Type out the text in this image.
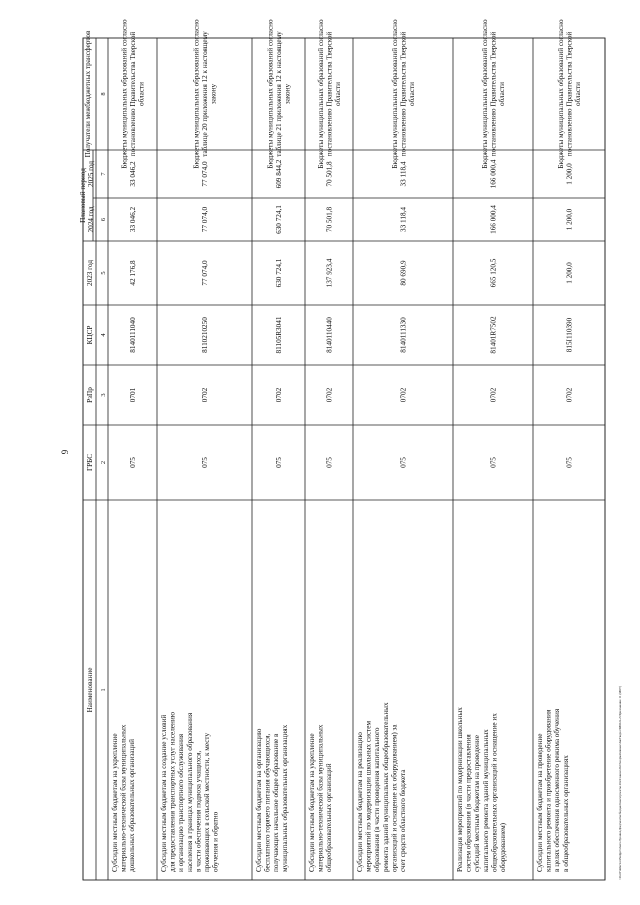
Получатели межбюджетных трансфертов
2025 год
2024 год
Плановый период
2023 год
КЦСР
РзПр
ГРБС
Наименование 1
2
3
4
5
6
7
8
Субсидии местным бюджетам на укрепление материально-технической базы муниципальных дошкольных образовательных организаций
075
0701
8140111040
42 176,8
33 046,2
33 046,2
Бюджеты муниципальных образований согласно постановлению Правительства Тверской области
Субсидии местным бюджетам на создание условий для предоставления транспортных услуг населению и организацию транспортного обслуживания населения в границах муниципального образования в части обеспечения подвоза учащихся, проживающих в сельской местности, к месту обучения и обратно
075
0702
8110210250
77 074,0
77 074,0
77 074,0
Бюджеты муниципальных образований согласно таблице 20 приложения 12 к настоящему закону
Субсидии местным бюджетам на организацию бесплатного горячего питания обучающихся, получающих начальное общее образование в муниципальных образовательных организациях
075
0702
81105R3041
630 724,1
630 724,1
609 844,2
Бюджеты муниципальных образований согласно таблице 21 приложения 12 к настоящему закону
Субсидии местным бюджетам на укрепление материально-технической базы муниципальных общеобразовательных организаций
075
0702
8140110440
137 923,4
70 501,8
70 501,8
Бюджеты муниципальных образований согласно постановлению Правительства Тверской области
Субсидии местным бюджетам на реализацию мероприятий по модернизации школьных систем образования (в части проведения капитального ремонта зданий муниципальных общеобразовательных организаций и оснащение их оборудованием) за счет средств областного бюджета
075
0702
8140111330
80 690,9
33 118,4
33 118,4
Бюджеты муниципальных образований согласно постановлению Правительства Тверской области
Реализация мероприятий по модернизации школьных систем образования (в части предоставления субсидий местным бюджетам на проведение капитального ремонта зданий муниципальных общеобразовательных организаций и оснащение их оборудованием)
075
0702
81401R7502
665 120,5
166 000,4
166 000,4
Бюджеты муниципальных образований согласно постановлению Правительства Тверской области
Субсидии местным бюджетам на проведение капитального ремонта и приобретение оборудования в целях обеспечения односменного режима обучения в общеобразовательных организациях
075
0702
815I110390
1 200,0
1 200,0
1 200,0
Бюджеты муниципальных образований согласно постановлению Правительства Тверской области
9
\\PortFolder\ko\Budget\Users\Лукина\Документы\бюджетные\проекты 2024\закон\2023\нормативные\ЗакТверь\ПИ00-9-2\Приложение 11 (МБТ)
